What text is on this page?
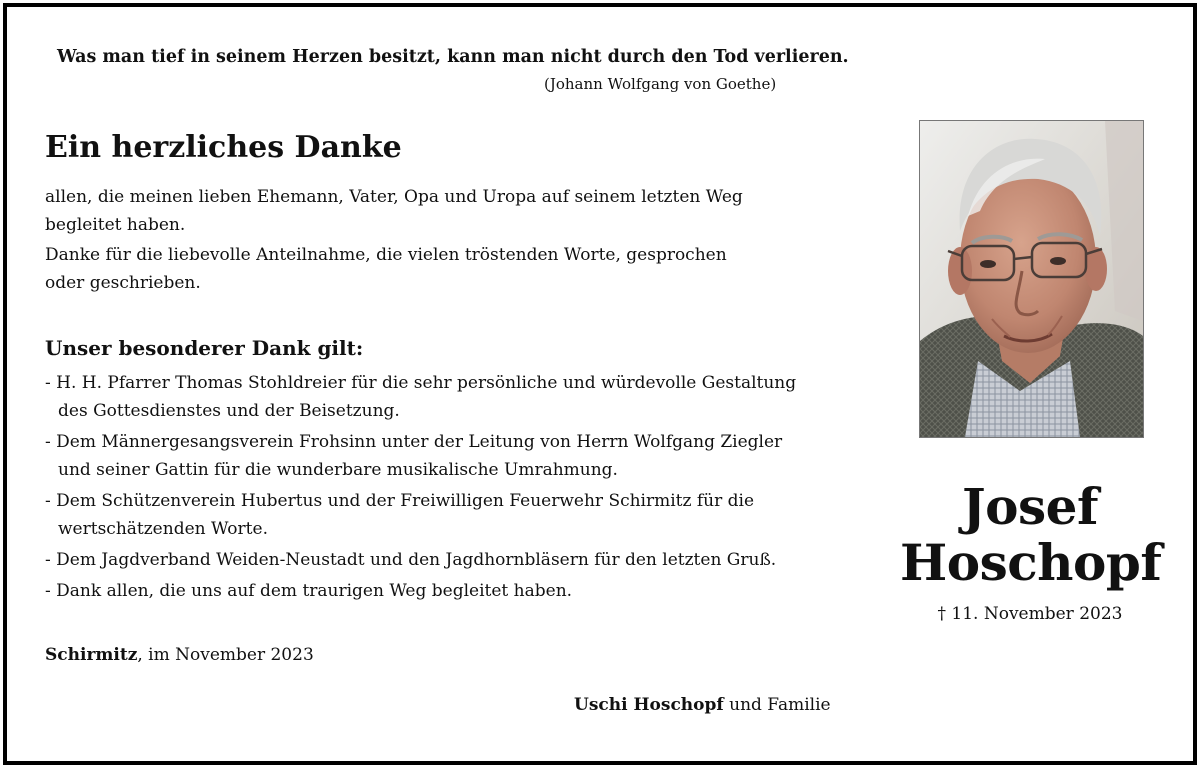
Was man tief in seinem Herzen besitzt, kann man nicht durch den Tod verlieren.
(Johann Wolfgang von Goethe)
Ein herzliches Danke
allen, die meinen lieben Ehemann, Vater, Opa und Uropa auf seinem letzten Weg
begleitet haben.
Danke für die liebevolle Anteilnahme, die vielen tröstenden Worte, gesprochen
oder geschrieben.
Unser besonderer Dank gilt:
- H. H. Pfarrer Thomas Stohldreier für die sehr persönliche und würdevolle Gestaltung
des Gottesdienstes und der Beisetzung.
- Dem Männergesangsverein Frohsinn unter der Leitung von Herrn Wolfgang Ziegler
und seiner Gattin für die wunderbare musikalische Umrahmung.
- Dem Schützenverein Hubertus und der Freiwilligen Feuerwehr Schirmitz für die
wertschätzenden Worte.
- Dem Jagdverband Weiden-Neustadt und den Jagdhornbläsern für den letzten Gruß.
- Dank allen, die uns auf dem traurigen Weg begleitet haben.
Schirmitz, im November 2023
Uschi Hoschopf und Familie
Josef
Hoschopf
† 11. November 2023
